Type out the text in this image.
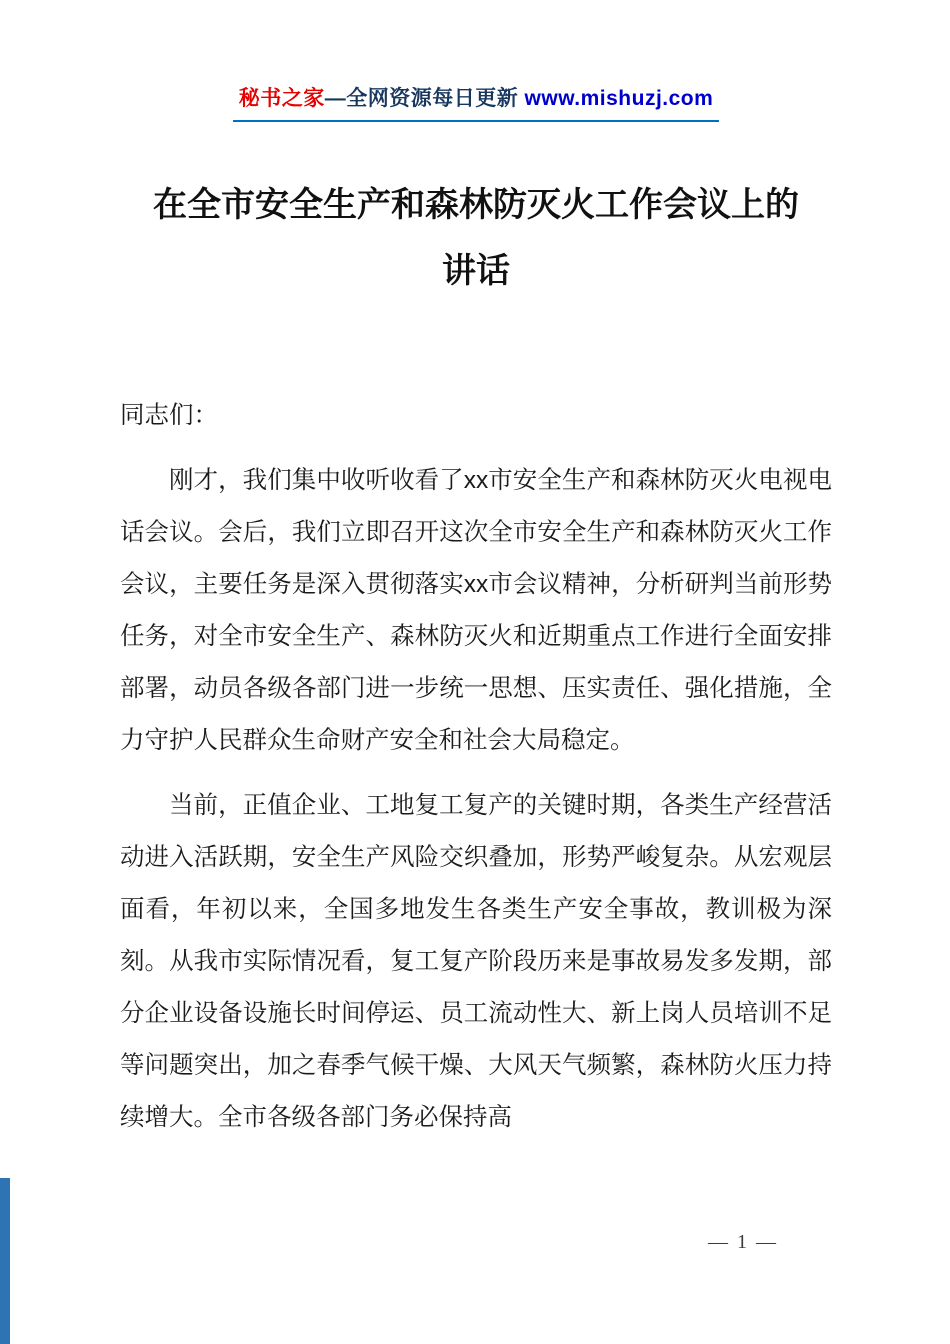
秘书之家—全网资源每日更新 www.mishuzj.com
在全市安全生产和森林防灭火工作会议上的
讲话

同志们：

刚才，我们集中收听收看了xx市安全生产和森林防灭火电视电话会议。会后，我们立即召开这次全市安全生产和森林防灭火工作会议，主要任务是深入贯彻落实xx市会议精神，分析研判当前形势任务，对全市安全生产、森林防灭火和近期重点工作进行全面安排部署，动员各级各部门进一步统一思想、压实责任、强化措施，全力守护人民群众生命财产安全和社会大局稳定。

当前，正值企业、工地复工复产的关键时期，各类生产经营活动进入活跃期，安全生产风险交织叠加，形势严峻复杂。从宏观层面看，年初以来，全国多地发生各类生产安全事故，教训极为深刻。从我市实际情况看，复工复产阶段历来是事故易发多发期，部分企业设备设施长时间停运、员工流动性大、新上岗人员培训不足等问题突出，加之春季气候干燥、大风天气频繁，森林防火压力持续增大。全市各级各部门务必保持高

— 1 —
